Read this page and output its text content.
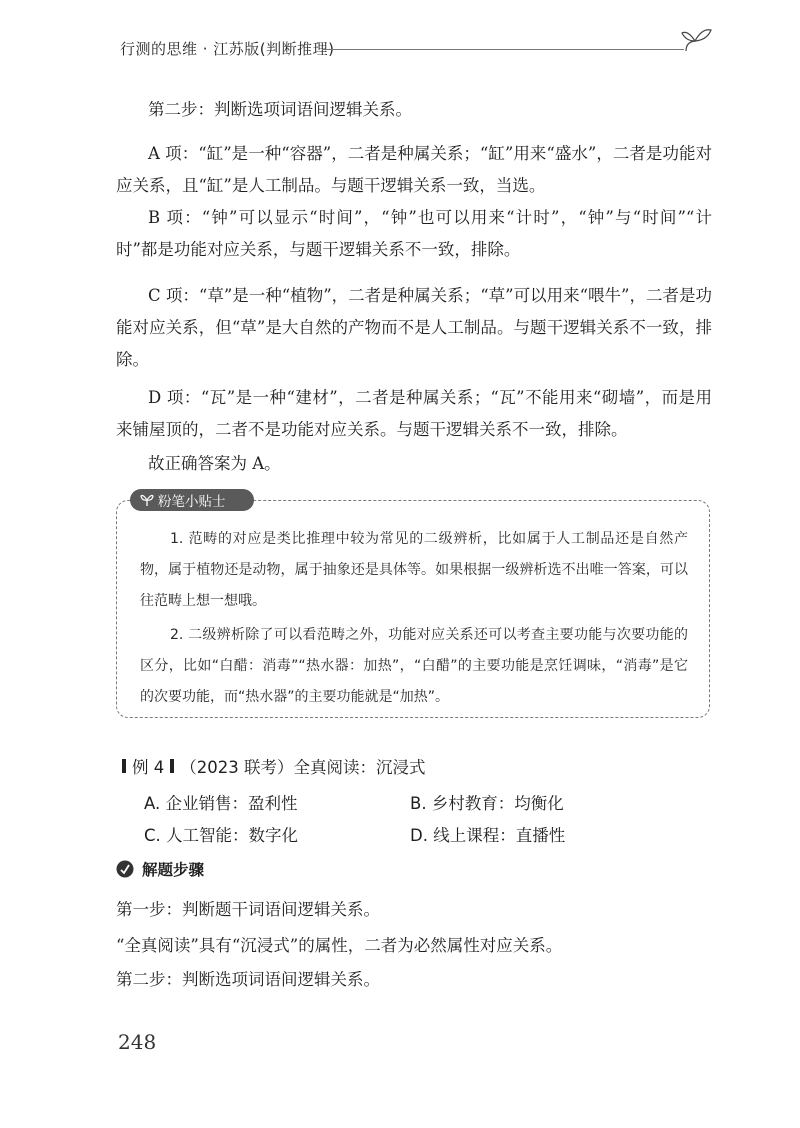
行测的思维 · 江苏版(判断推理)

第二步：判断选项词语间逻辑关系。

A 项：“缸”是一种“容器”，二者是种属关系；“缸”用来“盛水”，二者是功能对应关系，且“缸”是人工制品。与题干逻辑关系一致，当选。

B 项：“钟”可以显示“时间”，“钟”也可以用来“计时”，“钟”与“时间”“计时”都是功能对应关系，与题干逻辑关系不一致，排除。

C 项：“草”是一种“植物”，二者是种属关系；“草”可以用来“喂牛”，二者是功能对应关系，但“草”是大自然的产物而不是人工制品。与题干逻辑关系不一致，排除。

D 项：“瓦”是一种“建材”，二者是种属关系；“瓦”不能用来“砌墙”，而是用来铺屋顶的，二者不是功能对应关系。与题干逻辑关系不一致，排除。

故正确答案为 A。

粉笔小贴士

1. 范畴的对应是类比推理中较为常见的二级辨析，比如属于人工制品还是自然产物，属于植物还是动物，属于抽象还是具体等。如果根据一级辨析选不出唯一答案，可以往范畴上想一想哦。

2. 二级辨析除了可以看范畴之外，功能对应关系还可以考查主要功能与次要功能的区分，比如“白醋：消毒”“热水器：加热”，“白醋”的主要功能是烹饪调味，“消毒”是它的次要功能，而“热水器”的主要功能就是“加热”。

例 4 （2023 联考）全真阅读：沉浸式
A. 企业销售：盈利性	B. 乡村教育：均衡化
C. 人工智能：数字化	D. 线上课程：直播性
解题步骤
第一步：判断题干词语间逻辑关系。
“全真阅读”具有“沉浸式”的属性，二者为必然属性对应关系。
第二步：判断选项词语间逻辑关系。
248
